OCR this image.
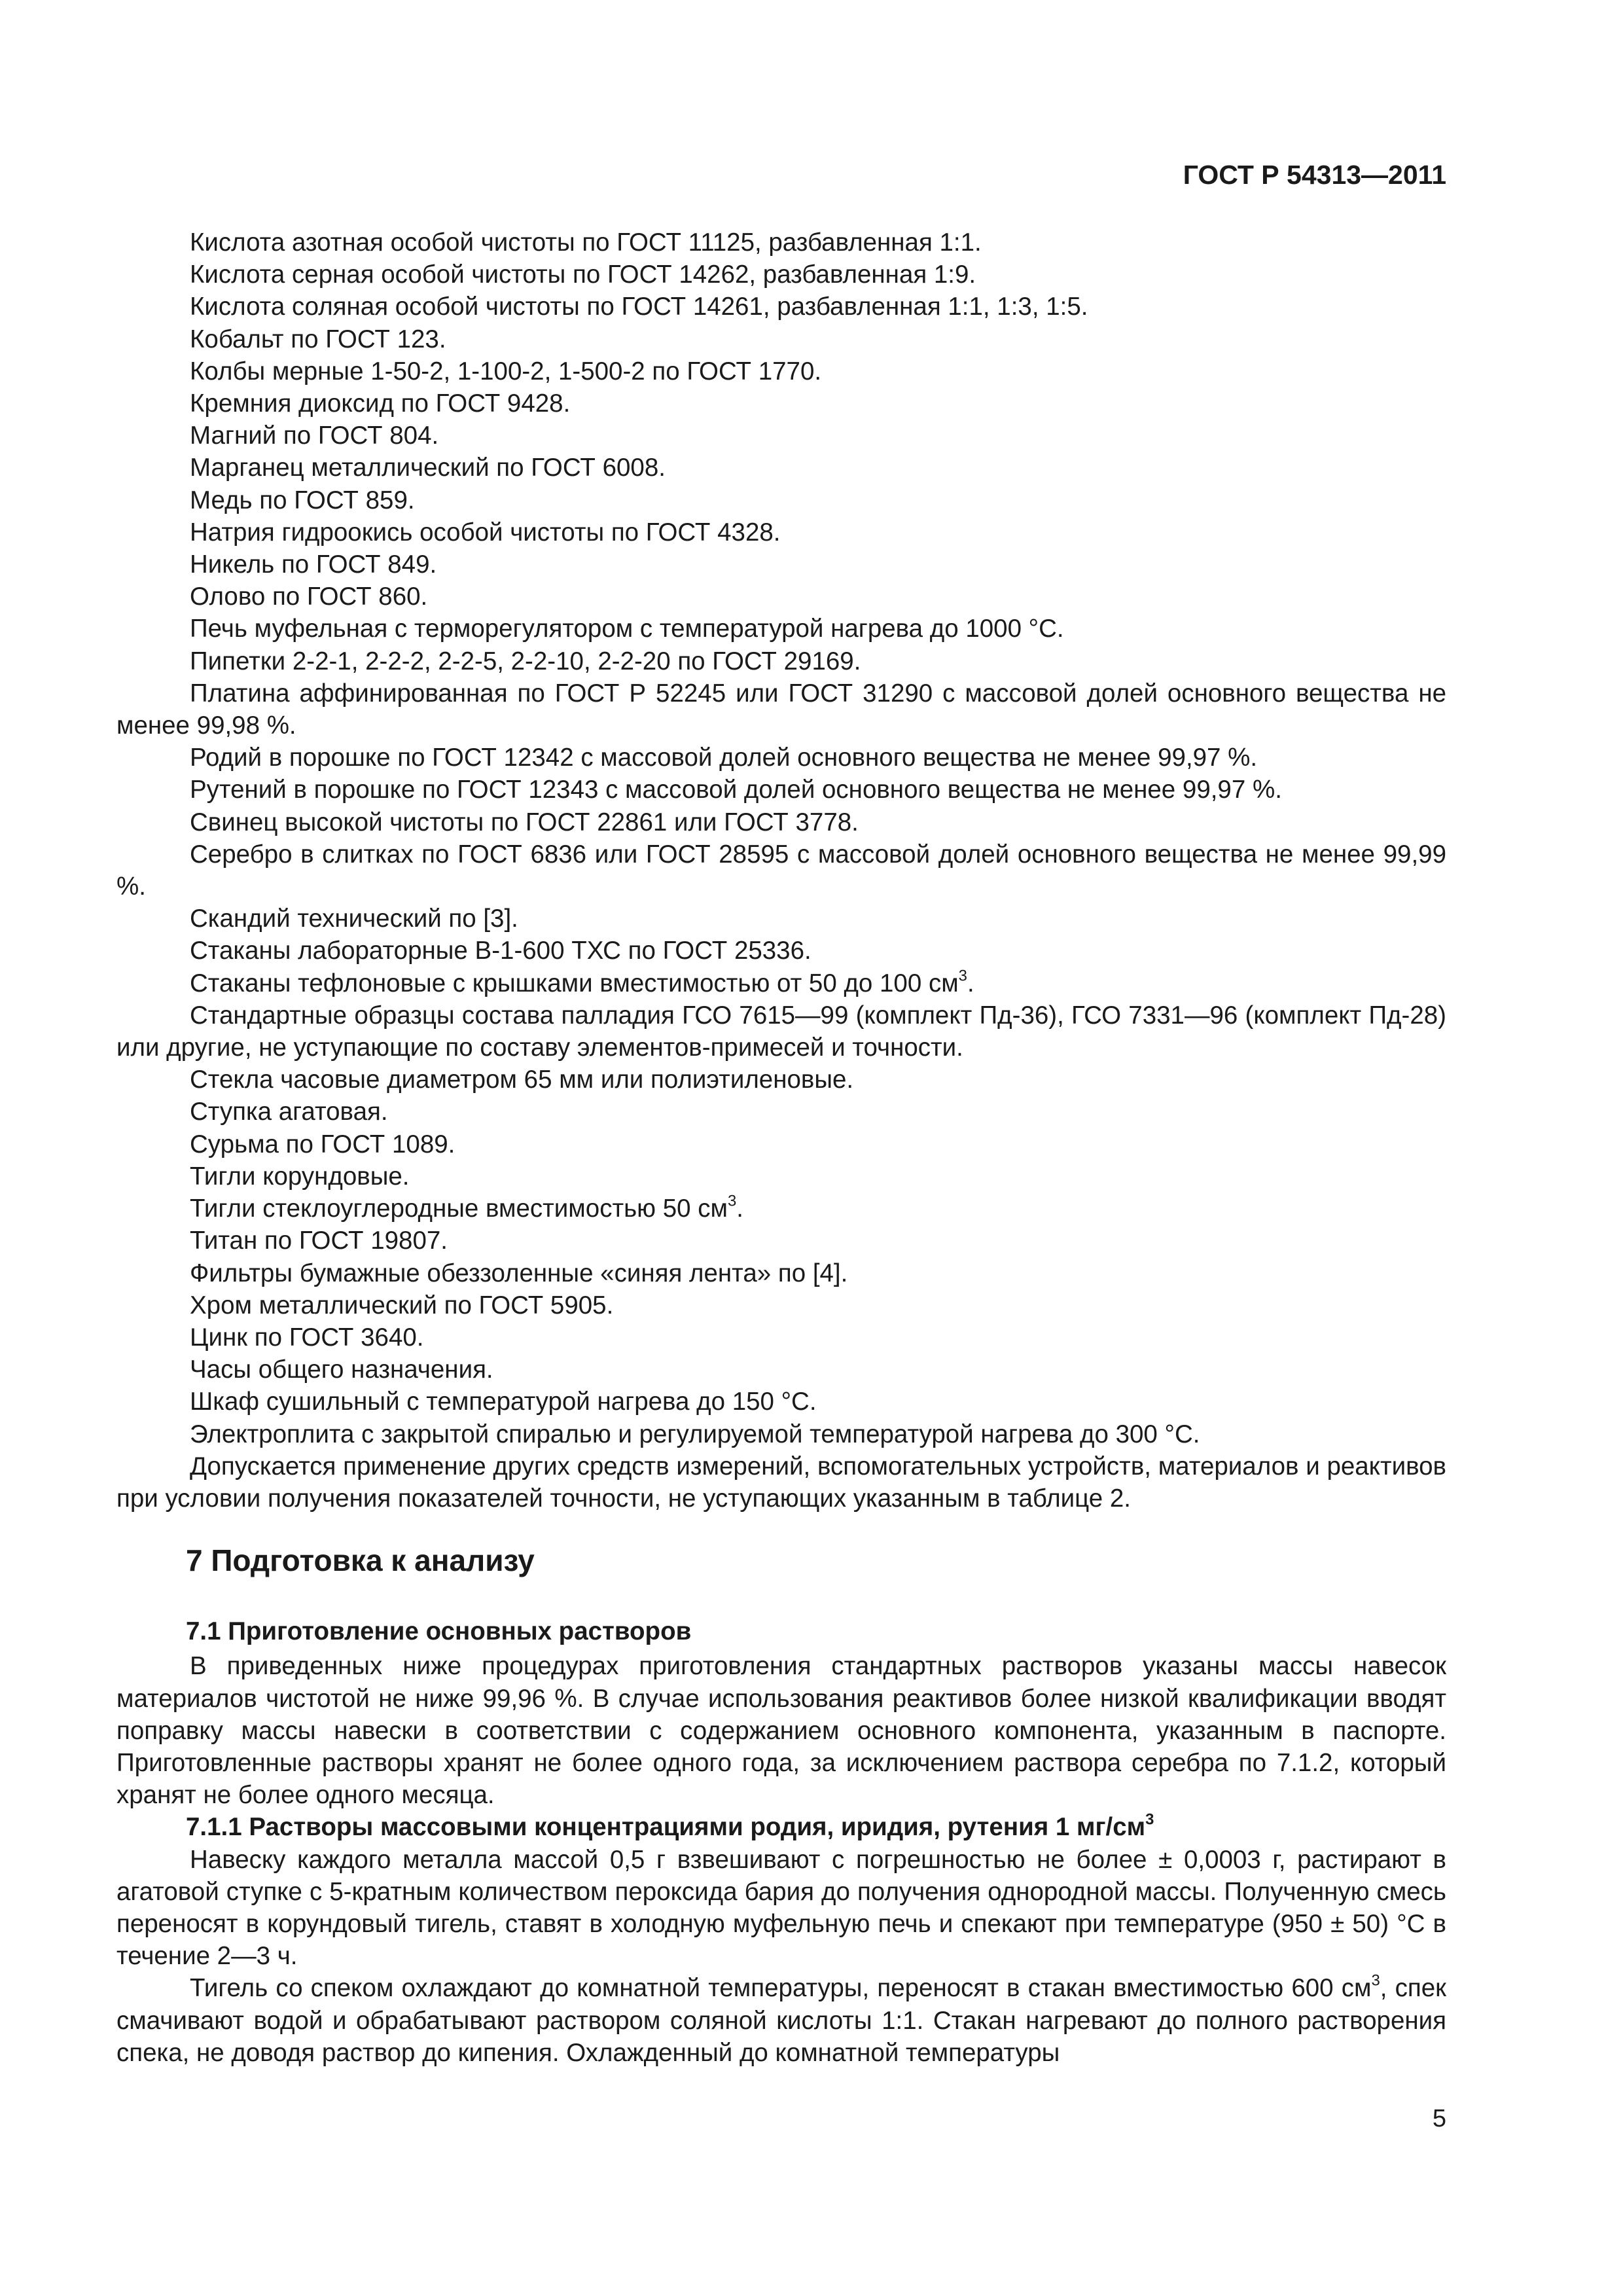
ГОСТ Р 54313—2011

Кислота азотная особой чистоты по ГОСТ 11125, разбавленная 1:1.

Кислота серная особой чистоты по ГОСТ 14262, разбавленная 1:9.

Кислота соляная особой чистоты по ГОСТ 14261, разбавленная 1:1, 1:3, 1:5.

Кобальт по ГОСТ 123.

Колбы мерные 1-50-2, 1-100-2, 1-500-2 по ГОСТ 1770.

Кремния диоксид по ГОСТ 9428.

Магний по ГОСТ 804.

Марганец металлический по ГОСТ 6008.

Медь по ГОСТ 859.

Натрия гидроокись особой чистоты по ГОСТ 4328.

Никель по ГОСТ 849.

Олово по ГОСТ 860.

Печь муфельная с терморегулятором с температурой нагрева до 1000 °С.

Пипетки 2-2-1, 2-2-2, 2-2-5, 2-2-10, 2-2-20 по ГОСТ 29169.

Платина аффинированная по ГОСТ Р 52245 или ГОСТ 31290 с массовой долей основного вещества не менее 99,98 %.

Родий в порошке по ГОСТ 12342 с массовой долей основного вещества не менее 99,97 %.

Рутений в порошке по ГОСТ 12343 с массовой долей основного вещества не менее 99,97 %.

Свинец высокой чистоты по ГОСТ 22861 или ГОСТ 3778.

Серебро в слитках по ГОСТ 6836 или ГОСТ 28595 с массовой долей основного вещества не менее 99,99 %.

Скандий технический по [3].

Стаканы лабораторные В-1-600 ТХС по ГОСТ 25336.

Стаканы тефлоновые с крышками вместимостью от 50 до 100 $см^3$.

Стандартные образцы состава палладия ГСО 7615—99 (комплект Пд-36), ГСО 7331—96 (комплект Пд-28) или другие, не уступающие по составу элементов-примесей и точности.

Стекла часовые диаметром 65 мм или полиэтиленовые.

Ступка агатовая.

Сурьма по ГОСТ 1089.

Тигли корундовые.

Тигли стеклоуглеродные вместимостью 50 $см^3$.

Титан по ГОСТ 19807.

Фильтры бумажные обеззоленные «синяя лента» по [4].

Хром металлический по ГОСТ 5905.

Цинк по ГОСТ 3640.

Часы общего назначения.

Шкаф сушильный с температурой нагрева до 150 °С.

Электроплита с закрытой спиралью и регулируемой температурой нагрева до 300 °С.

Допускается применение других средств измерений, вспомогательных устройств, материалов и реактивов при условии получения показателей точности, не уступающих указанным в таблице 2.

7 Подготовка к анализу
7.1 Приготовление основных растворов

В приведенных ниже процедурах приготовления стандартных растворов указаны массы навесок материалов чистотой не ниже 99,96 %. В случае использования реактивов более низкой квалификации вводят поправку массы навески в соответствии с содержанием основного компонента, указанным в паспорте. Приготовленные растворы хранят не более одного года, за исключением раствора серебра по 7.1.2, который хранят не более одного месяца.

7.1.1 Растворы массовыми концентрациями родия, иридия, рутения 1 $мг/см^3$

Навеску каждого металла массой 0,5 г взвешивают с погрешностью не более ± 0,0003 г, растирают в агатовой ступке с 5-кратным количеством пероксида бария до получения однородной массы. Полученную смесь переносят в корундовый тигель, ставят в холодную муфельную печь и спекают при температуре (950 ± 50) °С в течение 2—3 ч.

Тигель со спеком охлаждают до комнатной температуры, переносят в стакан вместимостью 600 $см^3$, спек смачивают водой и обрабатывают раствором соляной кислоты 1:1. Стакан нагревают до полного растворения спека, не доводя раствор до кипения. Охлажденный до комнатной температуры

5
